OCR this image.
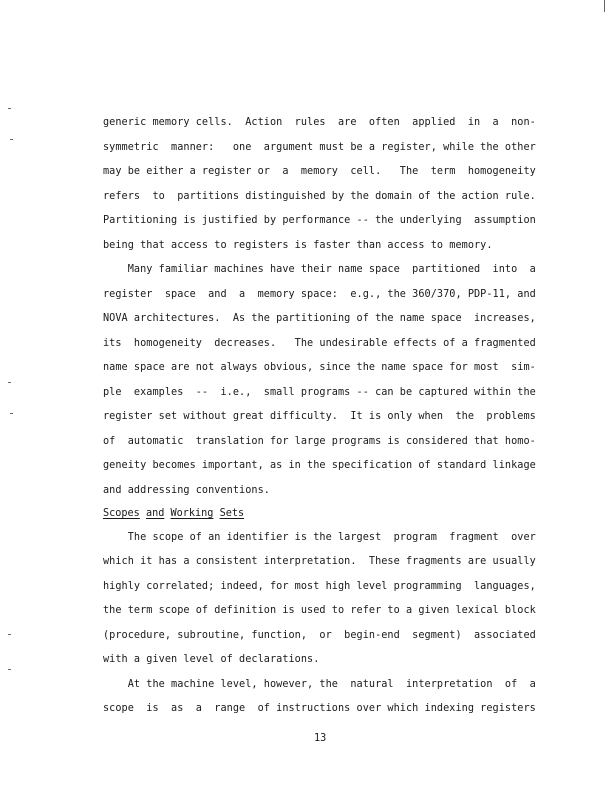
generic memory cells.  Action  rules  are  often  applied  in  a  non-
symmetric  manner:   one  argument must be a register, while the other
may be either a register or  a  memory  cell.   The  term  homogeneity
refers  to  partitions distinguished by the domain of the action rule.
Partitioning is justified by performance -- the underlying  assumption
being that access to registers is faster than access to memory.
Many familiar machines have their name space  partitioned  into  a
register  space  and  a  memory space:  e.g., the 360/370, PDP-11, and
NOVA architectures.  As the partitioning of the name space  increases,
its  homogeneity  decreases.   The undesirable effects of a fragmented
name space are not always obvious, since the name space for most  sim-
ple  examples  --  i.e.,  small programs -- can be captured within the
register set without great difficulty.  It is only when  the  problems
of  automatic  translation for large programs is considered that homo-
geneity becomes important, as in the specification of standard linkage
and addressing conventions.
Scopes and Working Sets
The scope of an identifier is the largest  program  fragment  over
which it has a consistent interpretation.  These fragments are usually
highly correlated; indeed, for most high level programming  languages,
the term scope of definition is used to refer to a given lexical block
(procedure, subroutine, function,  or  begin-end  segment)  associated
with a given level of declarations.
At the machine level, however, the  natural  interpretation  of  a
scope  is  as  a  range  of instructions over which indexing registers
13
